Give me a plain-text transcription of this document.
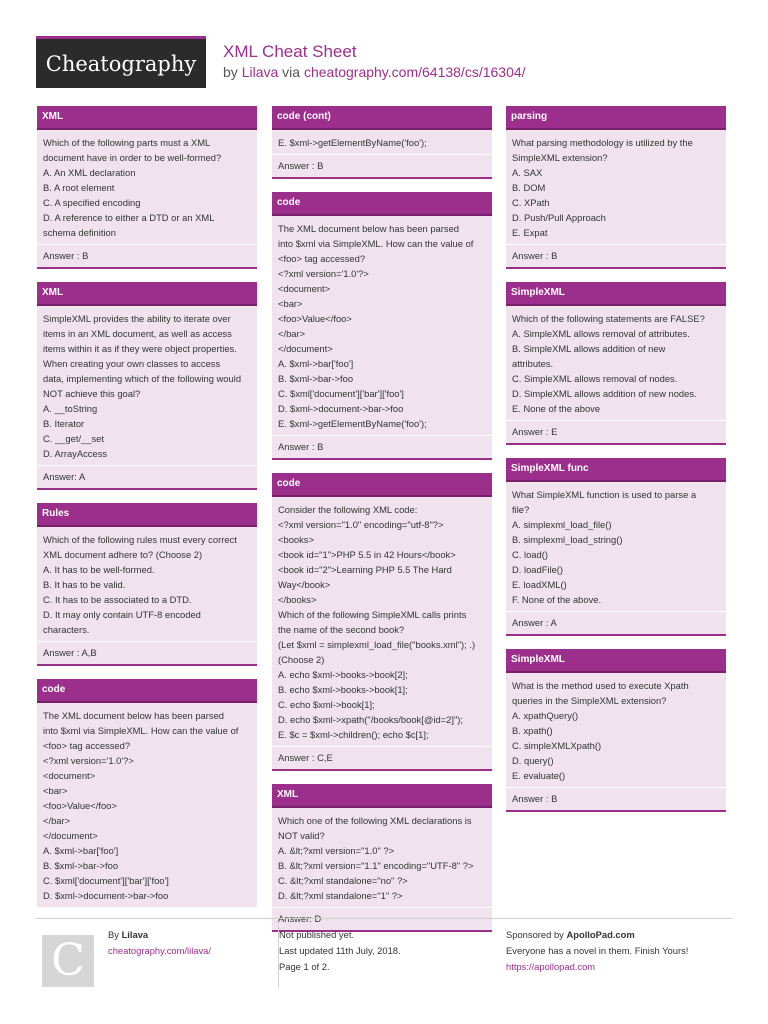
Cheatography
XML Cheat Sheet
by Lilava via cheatography.com/64138/cs/16304/
XML
Which of the following parts must a XML
document have in order to be well-formed?
A. An XML declaration
B. A root element
C. A specified encoding
D. A reference to either a DTD or an XML
schema definition
Answer : B
XML
SimpleXML provides the ability to iterate over
items in an XML document, as well as access
items within it as if they were object properties.
When creating your own classes to access
data, implementing which of the following would
NOT achieve this goal?
A. __toString
B. Iterator
C. __get/__set
D. ArrayAccess
Answer: A
Rules
Which of the following rules must every correct
XML document adhere to? (Choose 2)
A. It has to be well-formed.
B. It has to be valid.
C. It has to be associated to a DTD.
D. It may only contain UTF-8 encoded
characters.
Answer : A,B
code
The XML document below has been parsed
into $xml via SimpleXML. How can the value of
<foo> tag accessed?
<?xml version='1.0'?>
<document>
<bar>
<foo>Value</foo>
</bar>
</document>
A. $xml->bar['foo']
B. $xml->bar->foo
C. $xml['document']['bar']['foo']
D. $xml->document->bar->foo
code (cont)
E. $xml->getElementByName('foo');
Answer : B
code
The XML document below has been parsed
into $xml via SimpleXML. How can the value of
<foo> tag accessed?
<?xml version='1.0'?>
<document>
<bar>
<foo>Value</foo>
</bar>
</document>
A. $xml->bar['foo']
B. $xml->bar->foo
C. $xml['document']['bar']['foo']
D. $xml->document->bar->foo
E. $xml->getElementByName('foo');
Answer : B
code
Consider the following XML code:
<?xml version="1.0" encoding="utf-8"?>
<books>
<book id="1">PHP 5.5 in 42 Hours</book>
<book id="2">Learning PHP 5.5 The Hard
Way</book>
</books>
Which of the following SimpleXML calls prints
the name of the second book?
(Let $xml = simplexml_load_file("books.xml"); .)
(Choose 2)
A. echo $xml->books->book[2];
B. echo $xml->books->book[1];
C. echo $xml->book[1];
D. echo $xml->xpath("/books/book[@id=2]");
E. $c = $xml->children(); echo $c[1];
Answer : C,E
XML
Which one of the following XML declarations is
NOT valid?
A. &lt;?xml version="1.0" ?>
B. &lt;?xml version="1.1" encoding="UTF-8" ?>
C. &lt;?xml standalone="no" ?>
D. &lt;?xml standalone="1" ?>
Answer: D
parsing
What parsing methodology is utilized by the
SimpleXML extension?
A. SAX
B. DOM
C. XPath
D. Push/Pull Approach
E. Expat
Answer : B
SimpleXML
Which of the following statements are FALSE?
A. SimpleXML allows removal of attributes.
B. SimpleXML allows addition of new
attributes.
C. SimpleXML allows removal of nodes.
D. SimpleXML allows addition of new nodes.
E. None of the above
Answer : E
SimpleXML func
What SimpleXML function is used to parse a
file?
A. simplexml_load_file()
B. simplexml_load_string()
C. load()
D. loadFile()
E. loadXML()
F. None of the above.
Answer : A
SimpleXML
What is the method used to execute Xpath
queries in the SimpleXML extension?
A. xpathQuery()
B. xpath()
C. simpleXMLXpath()
D. query()
E. evaluate()
Answer : B
C
By Lilava
cheatography.com/lilava/
Not published yet.
Last updated 11th July, 2018.
Page 1 of 2.
Sponsored by ApolloPad.com
Everyone has a novel in them. Finish Yours!
https://apollopad.com
